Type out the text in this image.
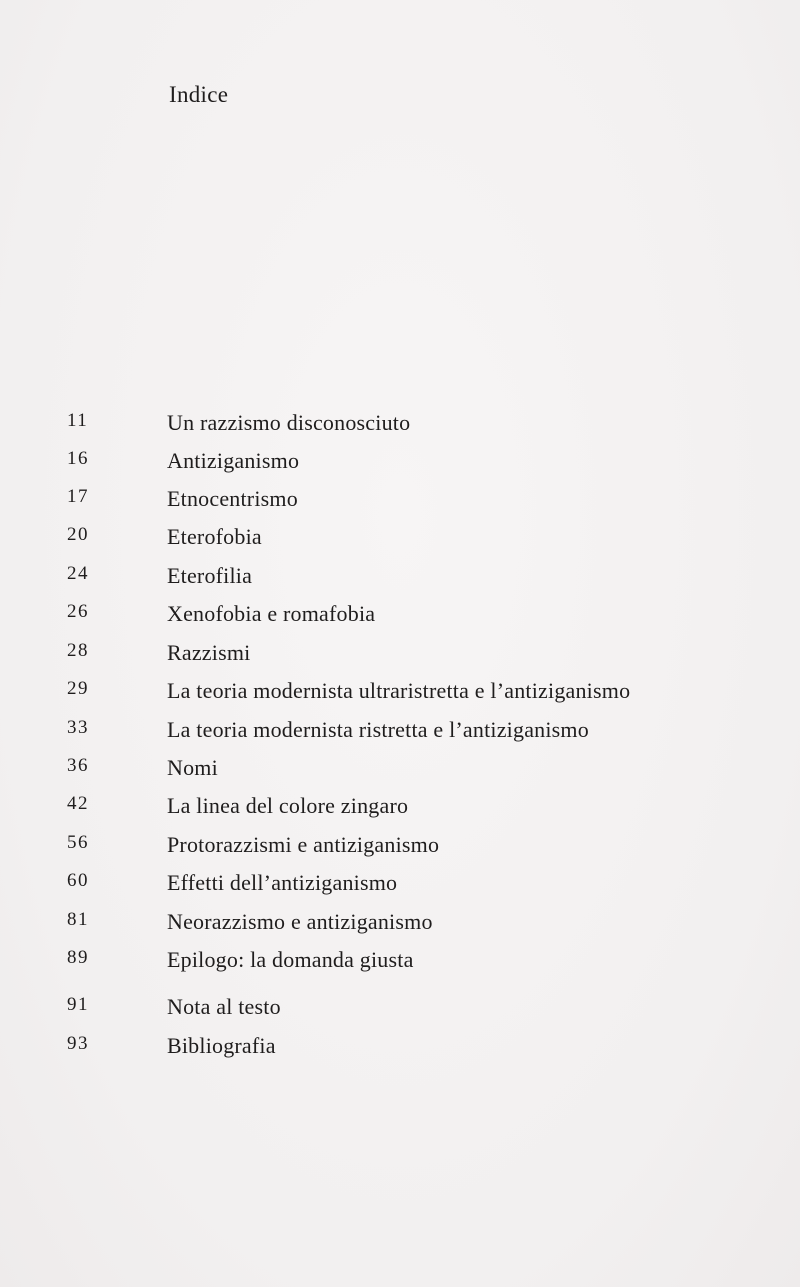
Indice
11	Un razzismo disconosciuto
16	Antiziganismo
17	Etnocentrismo
20	Eterofobia
24	Eterofilia
26	Xenofobia e romafobia
28	Razzismi
29	La teoria modernista ultraristretta e l’antiziganismo
33	La teoria modernista ristretta e l’antiziganismo
36	Nomi
42	La linea del colore zingaro
56	Protorazzismi e antiziganismo
60	Effetti dell’antiziganismo
81	Neorazzismo e antiziganismo
89	Epilogo: la domanda giusta
91	Nota al testo
93	Bibliografia
